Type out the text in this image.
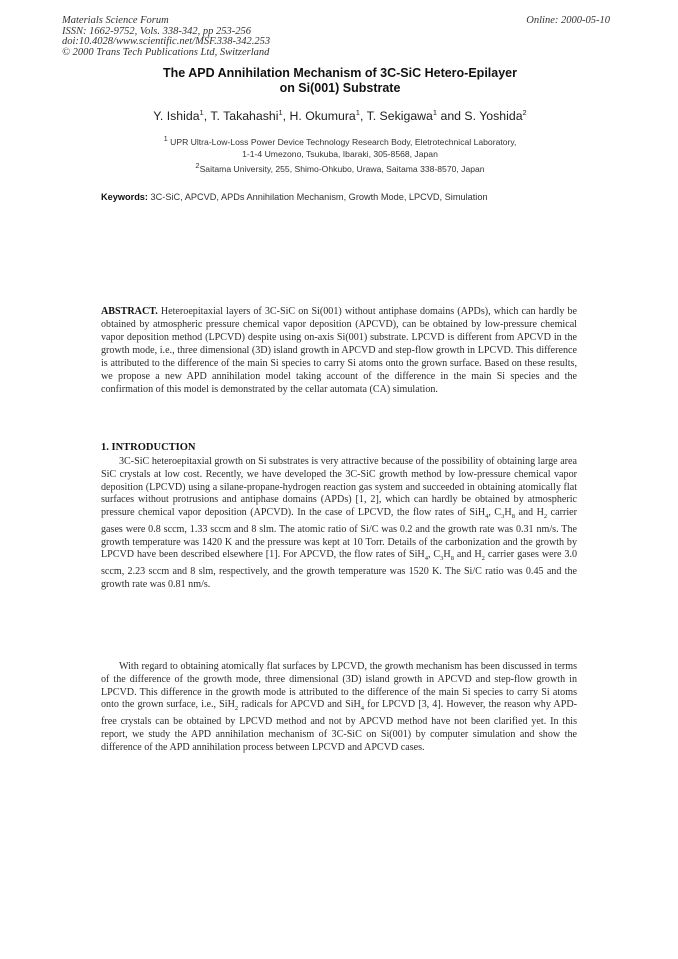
Materials Science Forum
ISSN: 1662-9752, Vols. 338-342, pp 253-256
doi:10.4028/www.scientific.net/MSF.338-342.253
© 2000 Trans Tech Publications Ltd, Switzerland
Online: 2000-05-10
The APD Annihilation Mechanism of 3C-SiC Hetero-Epilayer
on Si(001) Substrate
Y. Ishida$^1$, T. Takahashi$^1$, H. Okumura$^1$, T. Sekigawa$^1$ and S. Yoshida$^2$
$^1$ UPR Ultra-Low-Loss Power Device Technology Research Body, Eletrotechnical Laboratory,
1-1-4 Umezono, Tsukuba, Ibaraki, 305-8568, Japan
$^2$Saitama University, 255, Shimo-Ohkubo, Urawa, Saitama 338-8570, Japan
Keywords: 3C-SiC, APCVD, APDs Annihilation Mechanism, Growth Mode, LPCVD, Simulation
ABSTRACT. Heteroepitaxial layers of 3C-SiC on Si(001) without antiphase domains (APDs), which can hardly be obtained by atmospheric pressure chemical vapor deposition (APCVD), can be obtained by low-pressure chemical vapor deposition method (LPCVD) despite using on-axis Si(001) substrate. LPCVD is different from APCVD in the growth mode, i.e., three dimensional (3D) island growth in APCVD and step-flow growth in LPCVD. This difference is attributed to the difference of the main Si species to carry Si atoms onto the grown surface. Based on these results, we propose a new APD annihilation model taking account of the difference in the main Si species and the confirmation of this model is demonstrated by the cellar automata (CA) simulation.
1. INTRODUCTION
3C-SiC heteroepitaxial growth on Si substrates is very attractive because of the possibility of obtaining large area SiC crystals at low cost. Recently, we have developed the 3C-SiC growth method by low-pressure chemical vapor deposition (LPCVD) using a silane-propane-hydrogen reaction gas system and succeeded in obtaining atomically flat surfaces without protrusions and antiphase domains (APDs) [1, 2], which can hardly be obtained by atmospheric pressure chemical vapor deposition (APCVD). In the case of LPCVD, the flow rates of SiH$_4$, $C_3H_8$ and $H_2$ carrier gases were 0.8 sccm, 1.33 sccm and 8 slm. The atomic ratio of Si/C was 0.2 and the growth rate was 0.31 nm/s. The growth temperature was 1420 K and the pressure was kept at 10 Torr. Details of the carbonization and the growth by LPCVD have been described elsewhere [1]. For APCVD, the flow rates of SiH$_4$, $C_3H_8$ and $H_2$ carrier gases were 3.0 sccm, 2.23 sccm and 8 slm, respectively, and the growth temperature was 1520 K. The Si/C ratio was 0.45 and the growth rate was 0.81 nm/s.
With regard to obtaining atomically flat surfaces by LPCVD, the growth mechanism has been discussed in terms of the difference of the growth mode, three dimensional (3D) island growth in APCVD and step-flow growth in LPCVD. This difference in the growth mode is attributed to the difference of the main Si species to carry Si atoms onto the grown surface, i.e., SiH$_2$ radicals for APCVD and SiH$_4$ for LPCVD [3, 4]. However, the reason why APD-free crystals can be obtained by LPCVD method and not by APCVD method have not been clarified yet. In this report, we study the APD annihilation mechanism of 3C-SiC on Si(001) by computer simulation and show the difference of the APD annihilation process between LPCVD and APCVD cases.
